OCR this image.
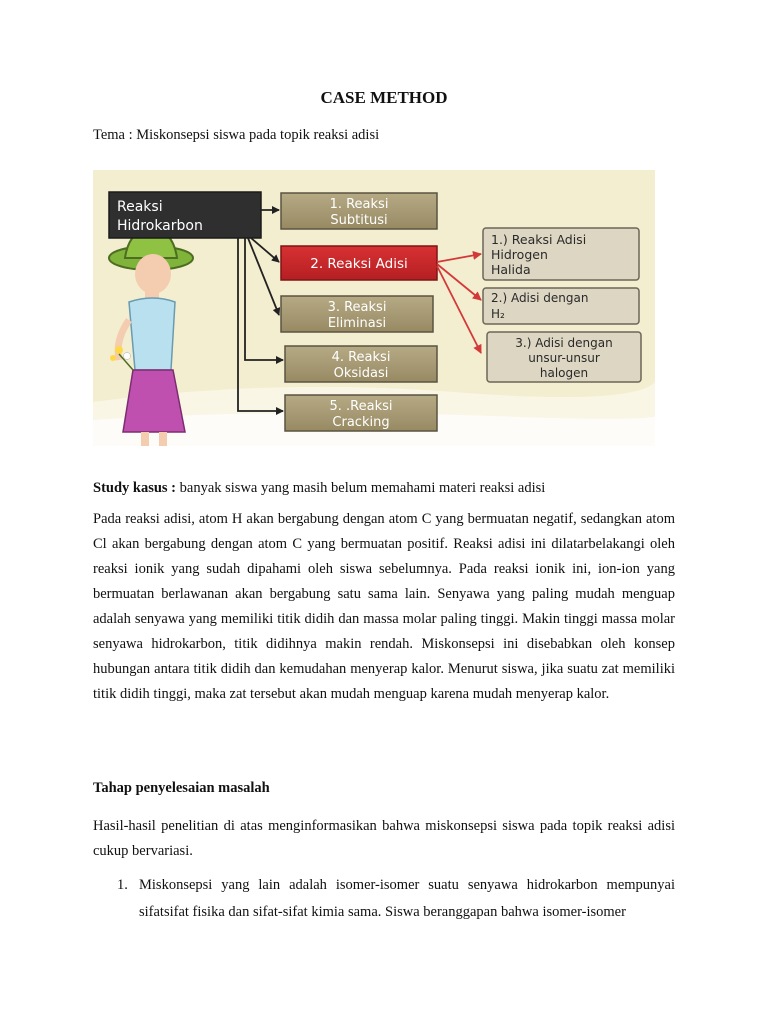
CASE METHOD
Tema : Miskonsepsi siswa pada topik reaksi adisi
Reaksi
Hidrokarbon
1. Reaksi
Subtitusi
2. Reaksi Adisi
3. Reaksi
Eliminasi
4. Reaksi
Oksidasi
5. .Reaksi
Cracking
1.) Reaksi Adisi
Hidrogen
Halida
2.) Adisi dengan
H₂
3.) Adisi dengan
unsur-unsur
halogen

Study kasus : banyak siswa yang masih belum memahami materi reaksi adisi

Pada reaksi adisi, atom H akan bergabung dengan atom C yang bermuatan negatif, sedangkan atom Cl akan bergabung dengan atom C yang bermuatan positif. Reaksi adisi ini dilatarbelakangi oleh reaksi ionik yang sudah dipahami oleh siswa sebelumnya. Pada reaksi ionik ini, ion-ion yang bermuatan berlawanan akan bergabung satu sama lain. Senyawa yang paling mudah menguap adalah senyawa yang memiliki titik didih dan massa molar paling tinggi. Makin tinggi massa molar senyawa hidrokarbon, titik didihnya makin rendah. Miskonsepsi ini disebabkan oleh konsep hubungan antara titik didih dan kemudahan menyerap kalor. Menurut siswa, jika suatu zat memiliki titik didih tinggi, maka zat tersebut akan mudah menguap karena mudah menyerap kalor.

Tahap penyelesaian masalah

Hasil-hasil penelitian di atas menginformasikan bahwa miskonsepsi siswa pada topik reaksi adisi cukup bervariasi.

1. Miskonsepsi yang lain adalah isomer-isomer suatu senyawa hidrokarbon mempunyai sifatsifat fisika dan sifat-sifat kimia sama. Siswa beranggapan bahwa isomer-isomer
